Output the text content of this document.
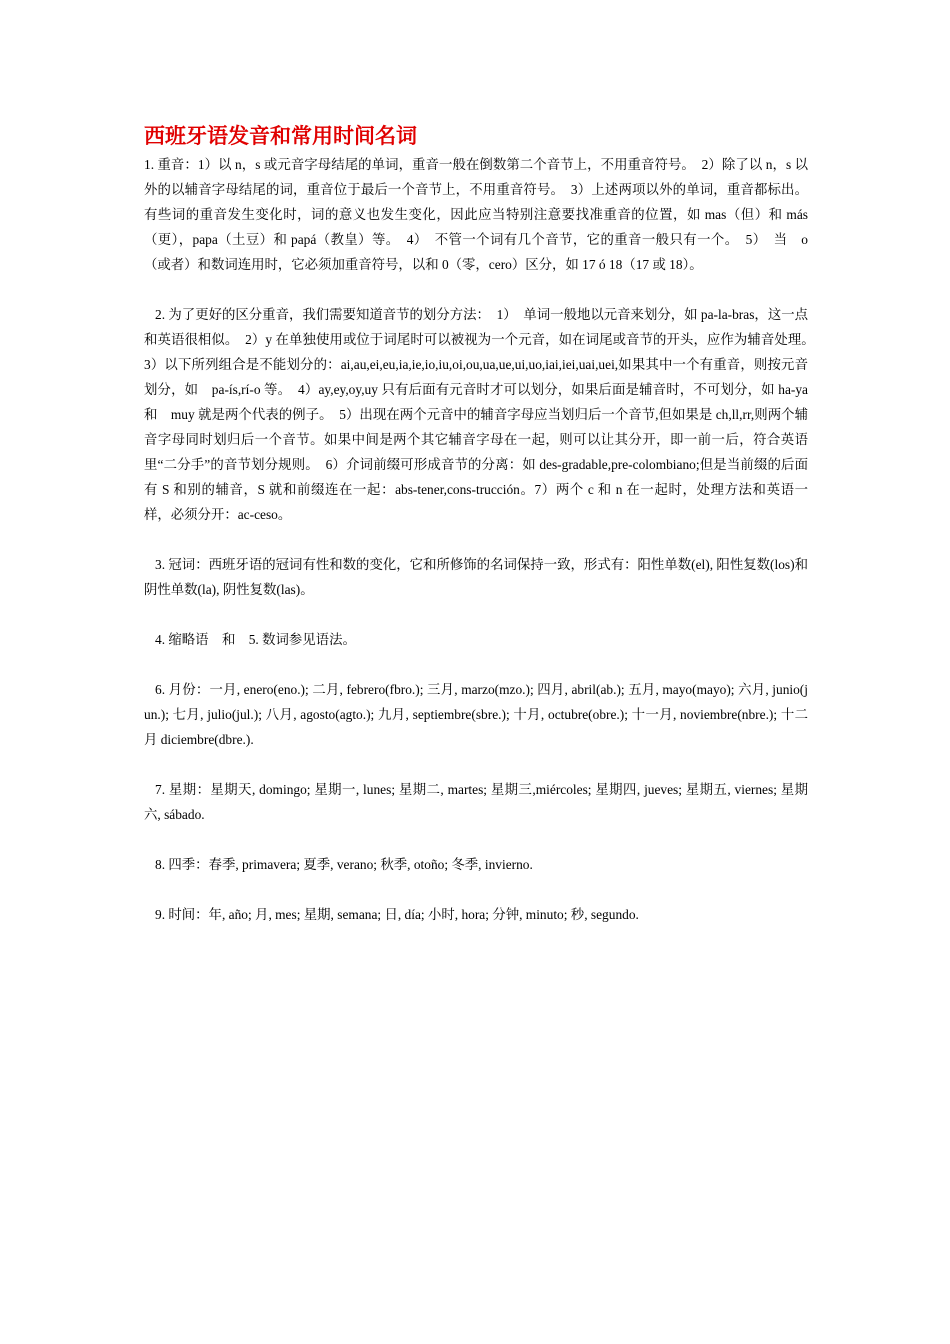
西班牙语发音和常用时间名词

1. 重音：1）以 n，s 或元音字母结尾的单词，重音一般在倒数第二个音节上，不用重音符号。　2）除了以 n，s 以外的以辅音字母结尾的词，重音位于最后一个音节上，不用重音符号。　3）上述两项以外的单词，重音都标出。有些词的重音发生变化时，词的意义也发生变化，因此应当特别注意要找准重音的位置，如 mas（但）和 más（更），papa（土豆）和 papá（教皇）等。　4）　不管一个词有几个音节，它的重音一般只有一个。　5）　当　o （或者）和数词连用时，它必须加重音符号，以和 0（零，cero）区分，如 17 ó 18（17 或 18）。

2. 为了更好的区分重音，我们需要知道音节的划分方法：　1）　单词一般地以元音来划分，如 pa-la-bras，这一点和英语很相似。　2）y 在单独使用或位于词尾时可以被视为一个元音，如在词尾或音节的开头，应作为辅音处理。　3）以下所列组合是不能划分的：ai,au,ei,eu,ia,ie,io,iu,oi,ou,ua,ue,ui,uo,iai,iei,uai,uei,如果其中一个有重音，则按元音划分，如　pa-ís,rí-o 等。　4）ay,ey,oy,uy 只有后面有元音时才可以划分，如果后面是辅音时，不可划分，如 ha-ya 和　muy 就是两个代表的例子。　5）出现在两个元音中的辅音字母应当划归后一个音节,但如果是 ch,ll,rr,则两个辅音字母同时划归后一个音节。如果中间是两个其它辅音字母在一起，则可以让其分开，即一前一后，符合英语里“二分手”的音节划分规则。　6）介词前缀可形成音节的分离：如 des-gradable,pre-colombiano;但是当前缀的后面有 S 和别的辅音，S 就和前缀连在一起：abs-tener,cons-trucción。7）两个 c 和 n 在一起时，处理方法和英语一样，必须分开：ac-ceso。

3. 冠词：西班牙语的冠词有性和数的变化，它和所修饰的名词保持一致，形式有：阳性单数(el), 阳性复数(los)和阴性单数(la), 阴性复数(las)。

4. 缩略语　和　5. 数词参见语法。

6. 月份：一月, enero(eno.); 二月, febrero(fbro.); 三月, marzo(mzo.); 四月, abril(ab.); 五月, mayo(mayo); 六月, junio(jun.); 七月, julio(jul.); 八月, agosto(agto.); 九月, septiembre(sbre.); 十月, octubre(obre.); 十一月, noviembre(nbre.); 十二月 diciembre(dbre.).

7. 星期：星期天, domingo; 星期一, lunes; 星期二, martes; 星期三,miércoles; 星期四, jueves; 星期五, viernes; 星期六, sábado.

8. 四季：春季, primavera; 夏季, verano; 秋季, otoño; 冬季, invierno.

9. 时间：年, año; 月, mes; 星期, semana; 日, día; 小时, hora; 分钟, minuto; 秒, segundo.
